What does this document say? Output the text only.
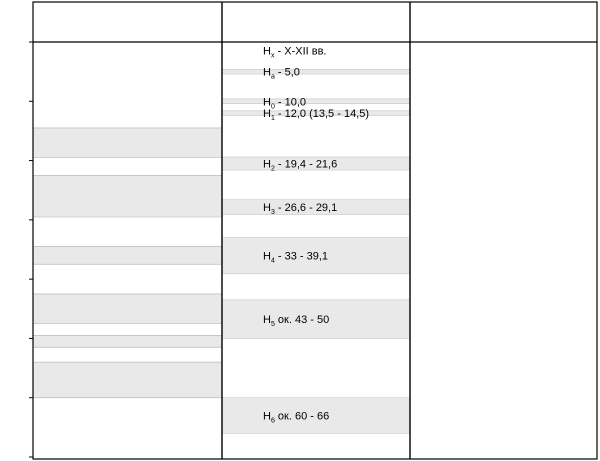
$H_x - X-XII$ вв.
$H_a - 5,0$
$H_0 - 10,0$
$H_1 - 12,0$ (13,5 - 14,5)
$H_2 - 19,4 - 21,6$
$H_3 - 26,6 - 29,1$
$H_4 - 33 - 39,1$
$H_5$ ок. 43 - 50
$H_6$ ок. 60 - 66
